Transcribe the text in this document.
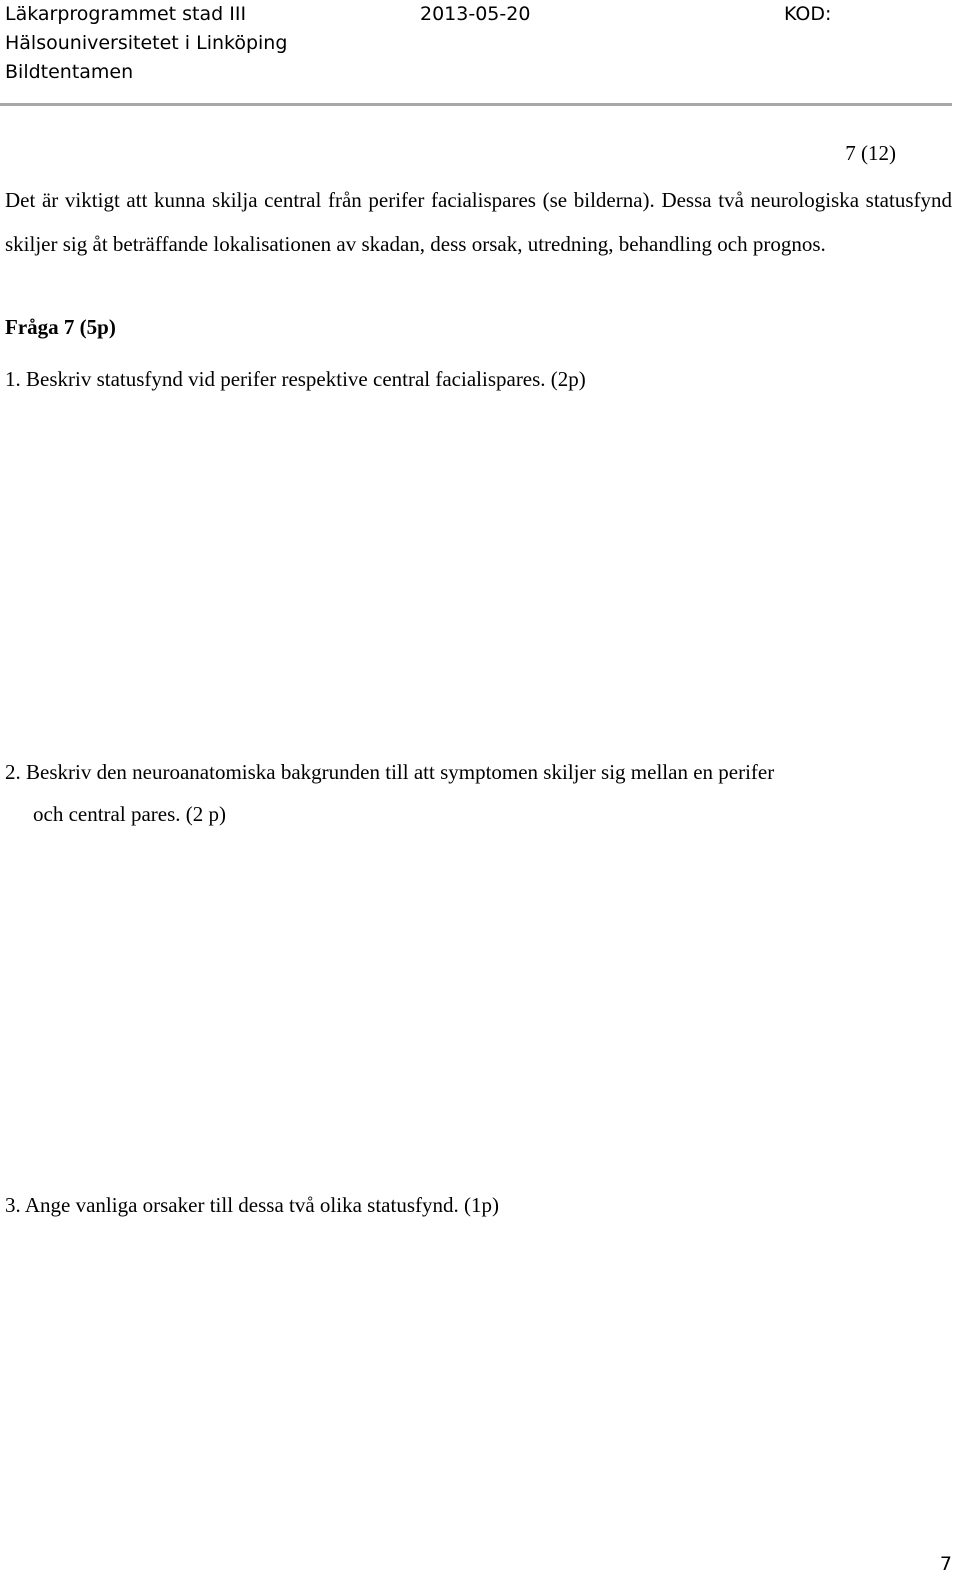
Läkarprogrammet stad III	2013-05-20	KOD:
Hälsouniversitetet i Linköping
Bildtentamen
7 (12)
Det är viktigt att kunna skilja central från perifer facialispares (se bilderna). Dessa två neurologiska statusfynd skiljer sig åt beträffande lokalisationen av skadan, dess orsak, utredning, behandling och prognos.
Fråga 7 (5p)
1. Beskriv statusfynd vid perifer respektive central facialispares. (2p)
2. Beskriv den neuroanatomiska bakgrunden till att symptomen skiljer sig mellan en perifer
och central pares. (2 p)
3. Ange vanliga orsaker till dessa två olika statusfynd. (1p)
7
